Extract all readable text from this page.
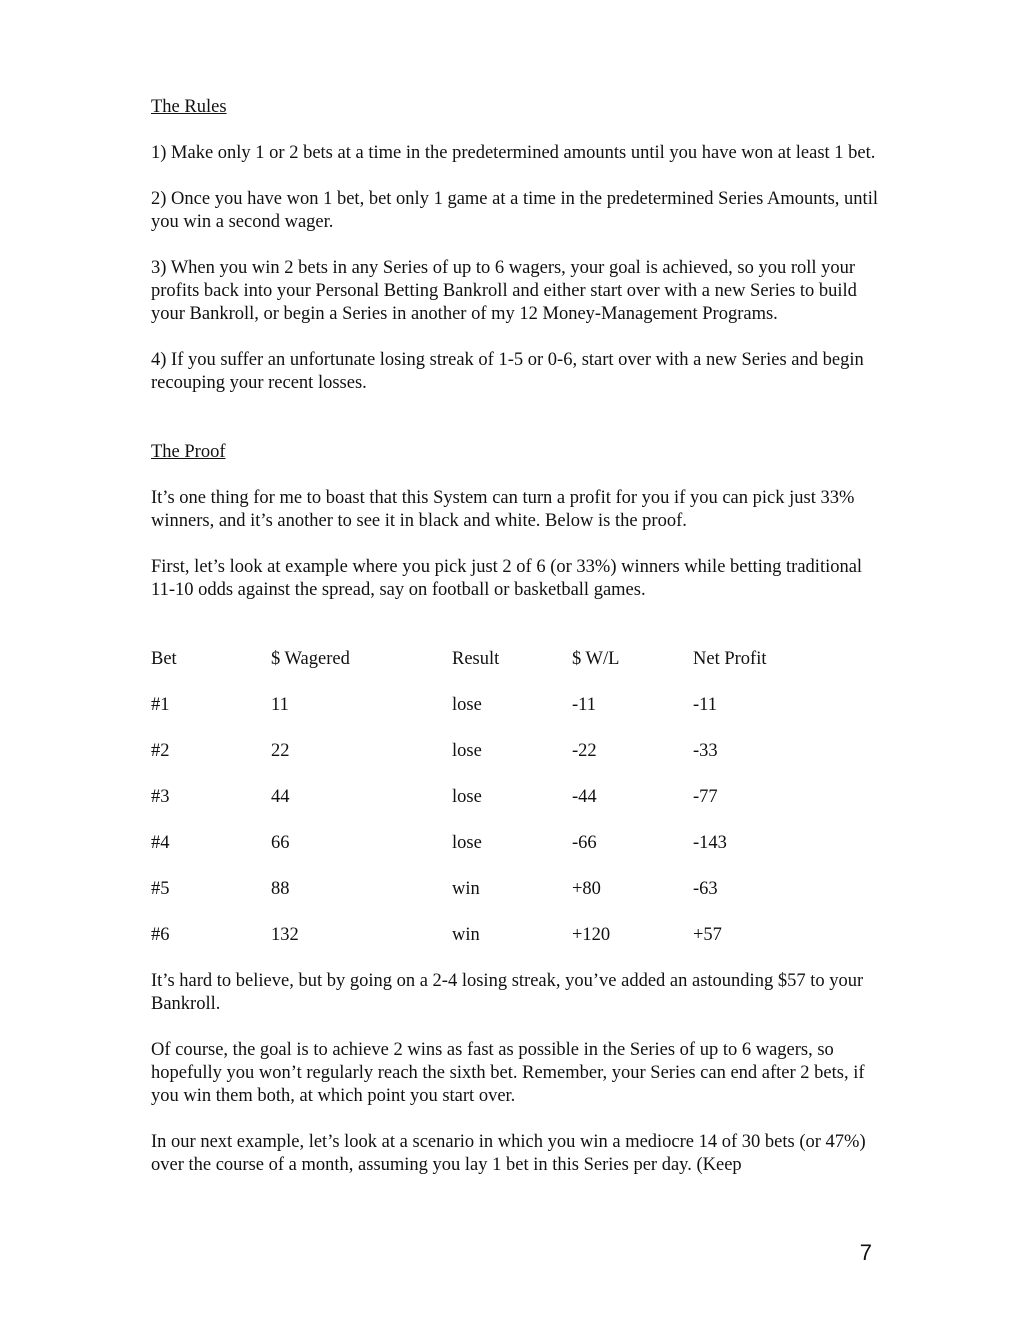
The Rules

1) Make only 1 or 2 bets at a time in the predetermined amounts until you have won at least 1 bet.

2) Once you have won 1 bet, bet only 1 game at a time in the predetermined Series Amounts, until you win a second wager.

3) When you win 2 bets in any Series of up to 6 wagers, your goal is achieved, so you roll your profits back into your Personal Betting Bankroll and either start over with a new Series to build your Bankroll, or begin a Series in another of my 12 Money-Management Programs.

4) If you suffer an unfortunate losing streak of 1-5 or 0-6, start over with a new Series and begin recouping your recent losses.

The Proof

It’s one thing for me to boast that this System can turn a profit for you if you can pick just 33% winners, and it’s another to see it in black and white. Below is the proof.

First, let’s look at example where you pick just 2 of 6 (or 33%) winners while betting traditional 11-10 odds against the spread, say on football or basketball games.

Bet	$ Wagered	Result	$ W/L	Net Profit
#1	11	lose	-11	-11
#2	22	lose	-22	-33
#3	44	lose	-44	-77
#4	66	lose	-66	-143
#5	88	win	+80	-63
#6	132	win	+120	+57

It’s hard to believe, but by going on a 2-4 losing streak, you’ve added an astounding $57 to your Bankroll.

Of course, the goal is to achieve 2 wins as fast as possible in the Series of up to 6 wagers, so hopefully you won’t regularly reach the sixth bet. Remember, your Series can end after 2 bets, if you win them both, at which point you start over.

In our next example, let’s look at a scenario in which you win a mediocre 14 of 30 bets (or 47%) over the course of a month, assuming you lay 1 bet in this Series per day. (Keep

7
